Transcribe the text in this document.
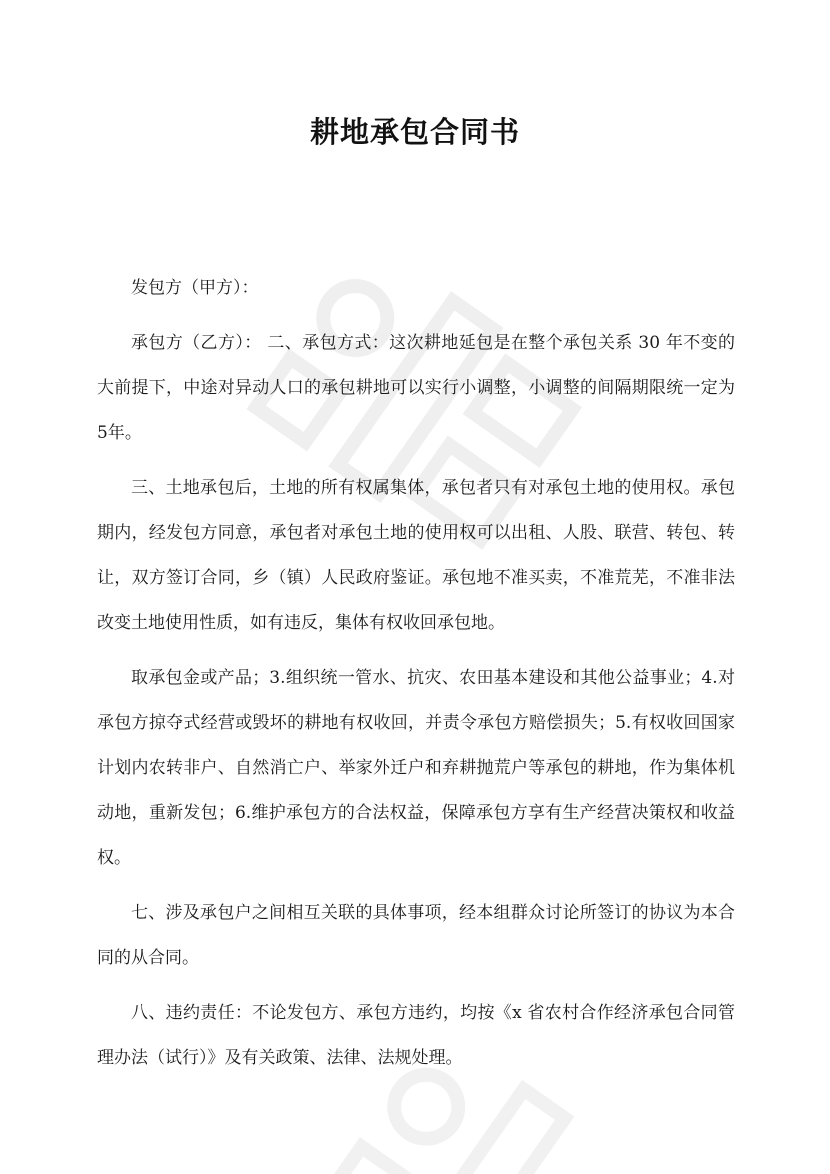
耕地承包合同书

发包方（甲方）：

承包方（乙方）： 二、承包方式：这次耕地延包是在整个承包关系 30 年不变的大前提下，中途对异动人口的承包耕地可以实行小调整，小调整的间隔期限统一定为5年。

三、土地承包后，土地的所有权属集体，承包者只有对承包土地的使用权。承包期内，经发包方同意，承包者对承包土地的使用权可以出租、人股、联营、转包、转让，双方签订合同，乡（镇）人民政府鉴证。承包地不准买卖，不准荒芜，不准非法改变土地使用性质，如有违反，集体有权收回承包地。

取承包金或产品；3.组织统一管水、抗灾、农田基本建设和其他公益事业；4.对承包方掠夺式经营或毁坏的耕地有权收回，并责令承包方赔偿损失；5.有权收回国家计划内农转非户、自然消亡户、举家外迁户和弃耕抛荒户等承包的耕地，作为集体机动地，重新发包；6.维护承包方的合法权益，保障承包方享有生产经营决策权和收益权。

七、涉及承包户之间相互关联的具体事项，经本组群众讨论所签订的协议为本合同的从合同。

八、违约责任：不论发包方、承包方违约，均按《x 省农村合作经济承包合同管理办法（试行）》及有关政策、法律、法规处理。
